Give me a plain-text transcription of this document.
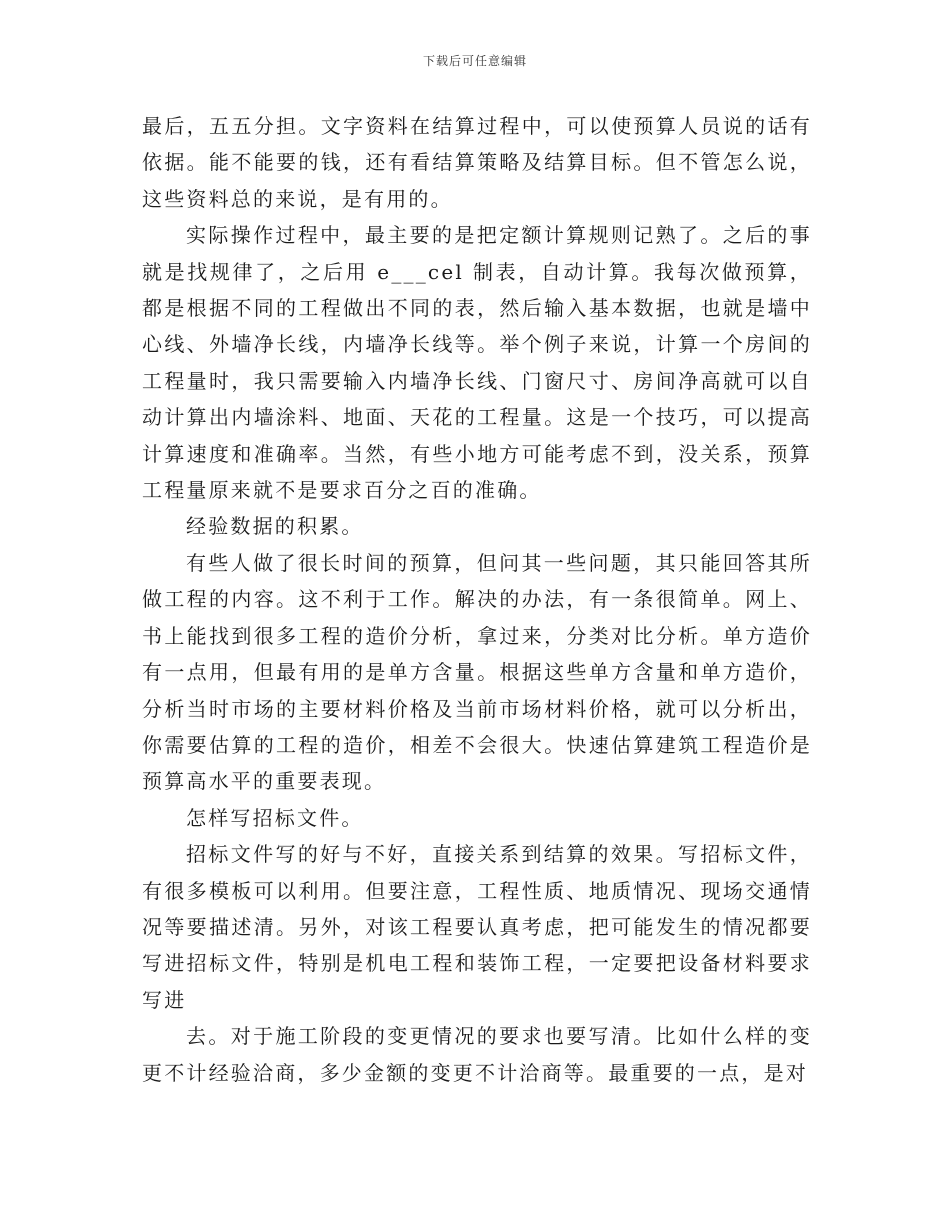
下载后可任意编辑

最后，五五分担。文字资料在结算过程中，可以使预算人员说的话有依据。能不能要的钱，还有看结算策略及结算目标。但不管怎么说，这些资料总的来说，是有用的。

实际操作过程中，最主要的是把定额计算规则记熟了。之后的事就是找规律了，之后用 e___cel 制表，自动计算。我每次做预算，都是根据不同的工程做出不同的表，然后输入基本数据，也就是墙中心线、外墙净长线，内墙净长线等。举个例子来说，计算一个房间的工程量时，我只需要输入内墙净长线、门窗尺寸、房间净高就可以自动计算出内墙涂料、地面、天花的工程量。这是一个技巧，可以提高计算速度和准确率。当然，有些小地方可能考虑不到，没关系，预算工程量原来就不是要求百分之百的准确。

经验数据的积累。

有些人做了很长时间的预算，但问其一些问题，其只能回答其所做工程的内容。这不利于工作。解决的办法，有一条很简单。网上、书上能找到很多工程的造价分析，拿过来，分类对比分析。单方造价有一点用，但最有用的是单方含量。根据这些单方含量和单方造价，分析当时市场的主要材料价格及当前市场材料价格，就可以分析出，你需要估算的工程的造价，相差不会很大。快速估算建筑工程造价是预算高水平的重要表现。

怎样写招标文件。

招标文件写的好与不好，直接关系到结算的效果。写招标文件，有很多模板可以利用。但要注意，工程性质、地质情况、现场交通情况等要描述清。另外，对该工程要认真考虑，把可能发生的情况都要写进招标文件，特别是机电工程和装饰工程，一定要把设备材料要求写进

去。对于施工阶段的变更情况的要求也要写清。比如什么样的变更不计经验洽商，多少金额的变更不计洽商等。最重要的一点，是对
